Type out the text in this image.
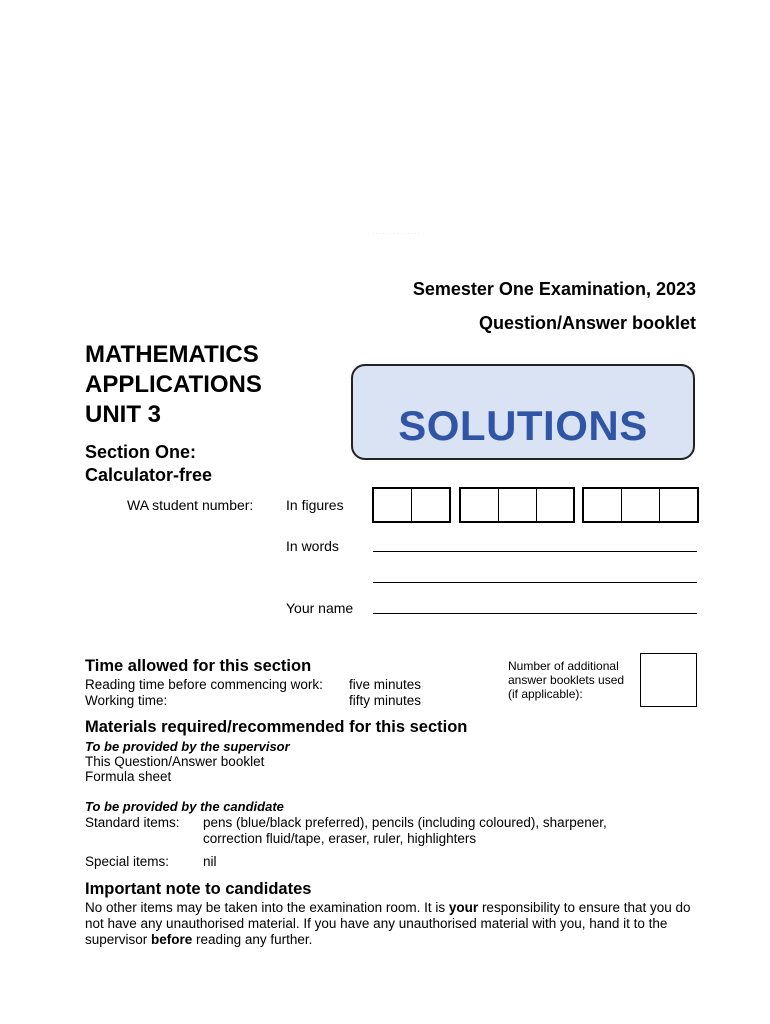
..............
Semester One Examination, 2023
Question/Answer booklet
MATHEMATICS
APPLICATIONS
UNIT 3
Section One:
Calculator-free
SOLUTIONS
WA student number: In figures
In words
Your name
Time allowed for this section
Reading time before commencing work: five minutes
Working time:	fifty minutes
Number of additional
answer booklets used
(if applicable):
Materials required/recommended for this section
To be provided by the supervisor
This Question/Answer booklet
Formula sheet
To be provided by the candidate
Standard items: pens (blue/black preferred), pencils (including coloured), sharpener,
correction fluid/tape, eraser, ruler, highlighters
Special items:	nil
Important note to candidates
No other items may be taken into the examination room. It is your responsibility to ensure that you do not have any unauthorised material. If you have any unauthorised material with you, hand it to the supervisor before reading any further.
